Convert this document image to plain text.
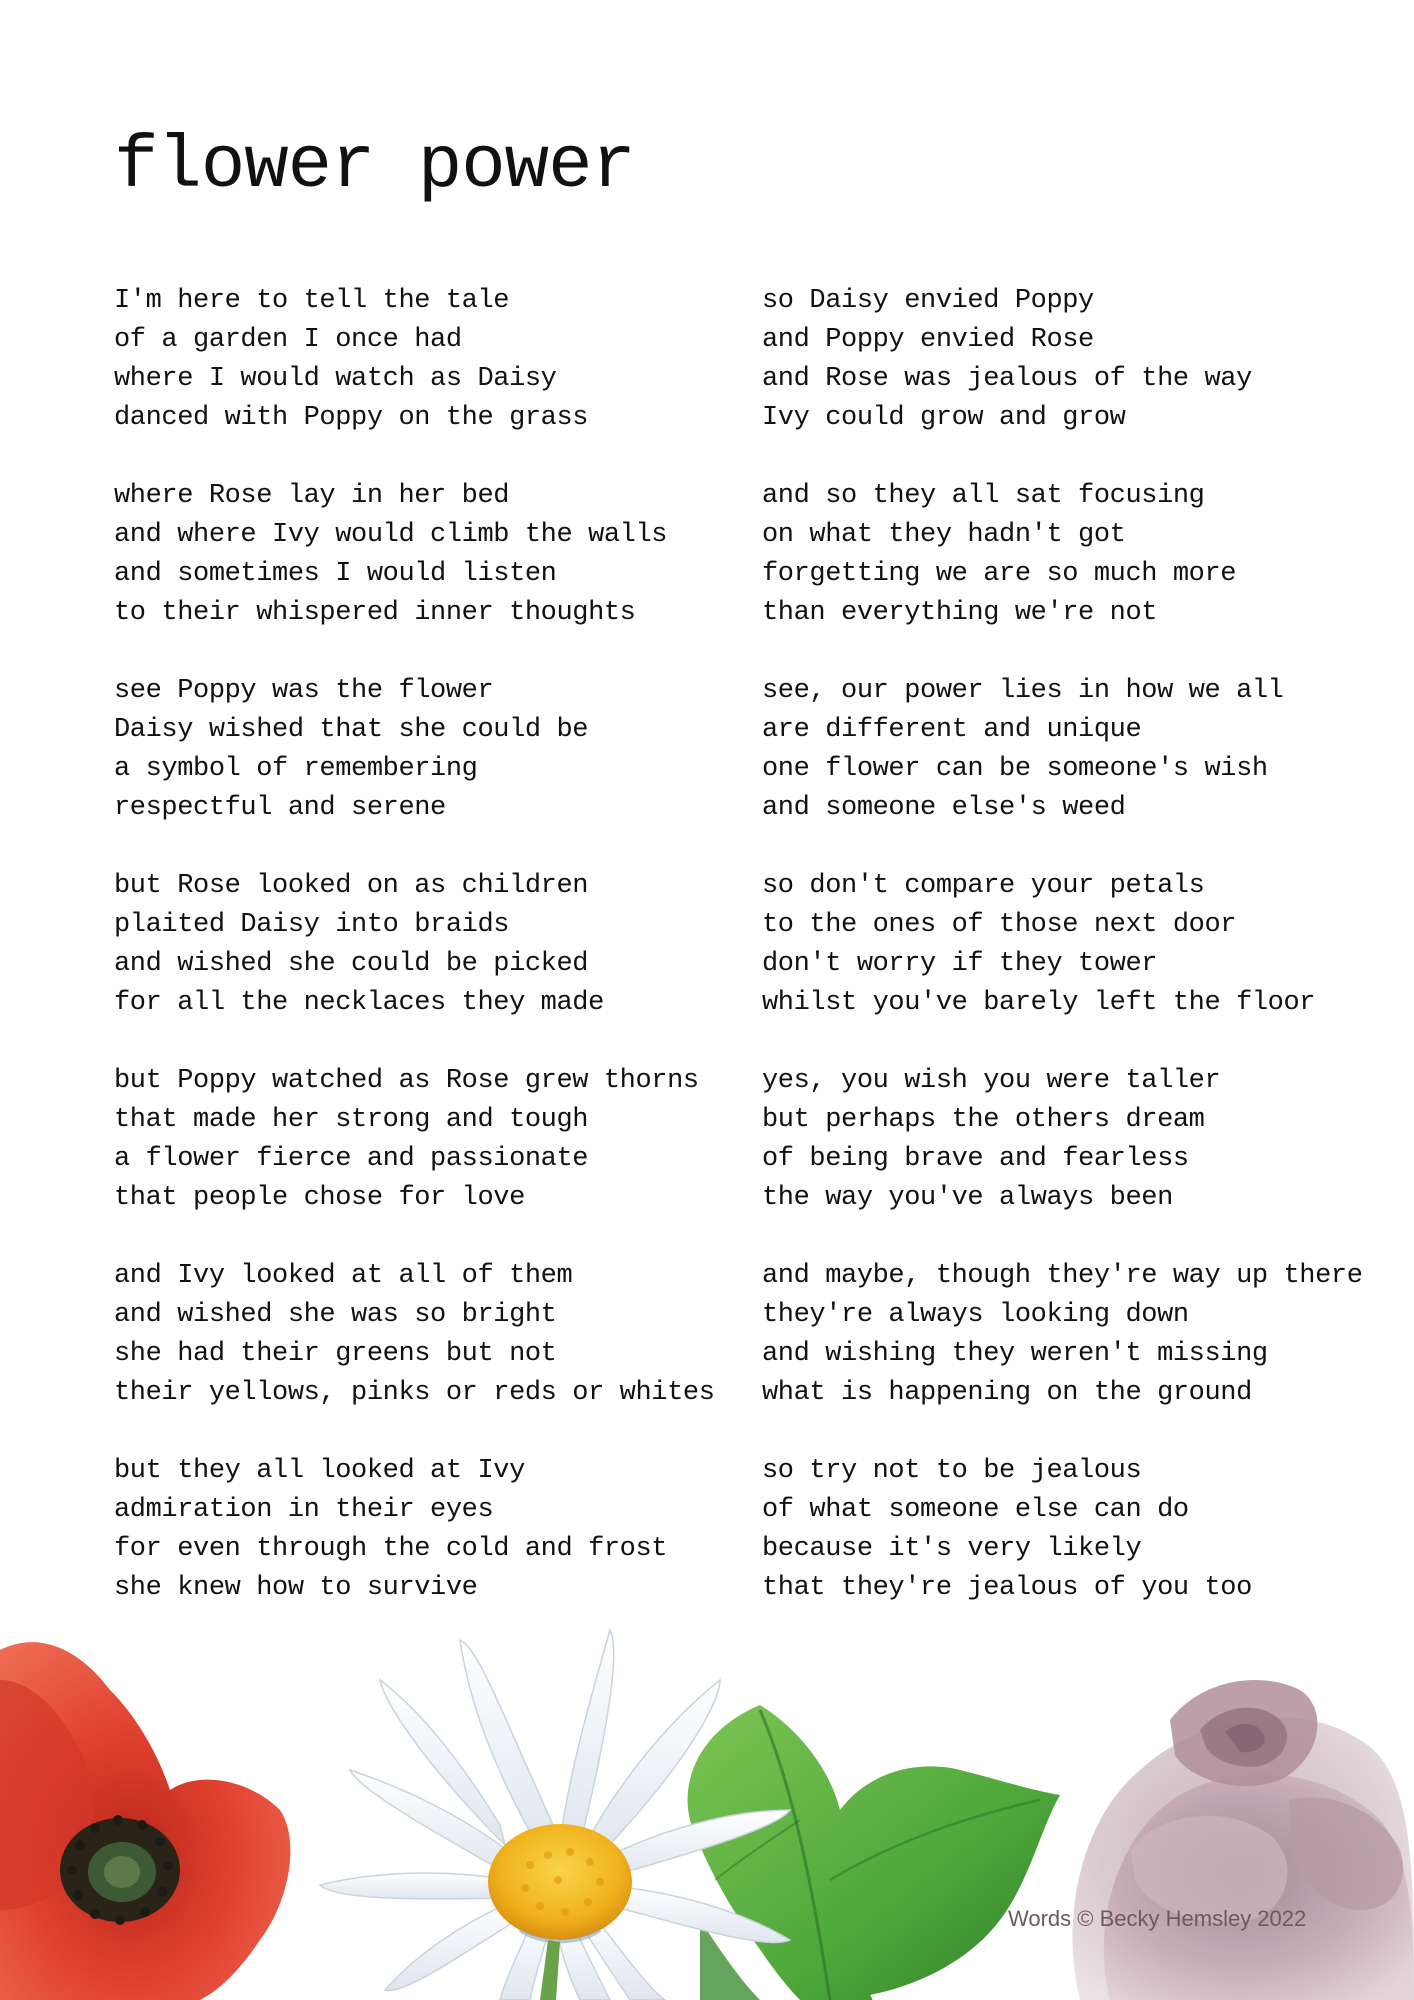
flower power
I'm here to tell the tale
of a garden I once had
where I would watch as Daisy
danced with Poppy on the grass
where Rose lay in her bed
and where Ivy would climb the walls
and sometimes I would listen
to their whispered inner thoughts
see Poppy was the flower
Daisy wished that she could be
a symbol of remembering
respectful and serene
but Rose looked on as children
plaited Daisy into braids
and wished she could be picked
for all the necklaces they made
but Poppy watched as Rose grew thorns
that made her strong and tough
a flower fierce and passionate
that people chose for love
and Ivy looked at all of them
and wished she was so bright
she had their greens but not
their yellows, pinks or reds or whites
but they all looked at Ivy
admiration in their eyes
for even through the cold and frost
she knew how to survive
so Daisy envied Poppy
and Poppy envied Rose
and Rose was jealous of the way
Ivy could grow and grow
and so they all sat focusing
on what they hadn't got
forgetting we are so much more
than everything we're not
see, our power lies in how we all
are different and unique
one flower can be someone's wish
and someone else's weed
so don't compare your petals
to the ones of those next door
don't worry if they tower
whilst you've barely left the floor
yes, you wish you were taller
but perhaps the others dream
of being brave and fearless
the way you've always been
and maybe, though they're way up there
they're always looking down
and wishing they weren't missing
what is happening on the ground
so try not to be jealous
of what someone else can do
because it's very likely
that they're jealous of you too
Words © Becky Hemsley 2022
